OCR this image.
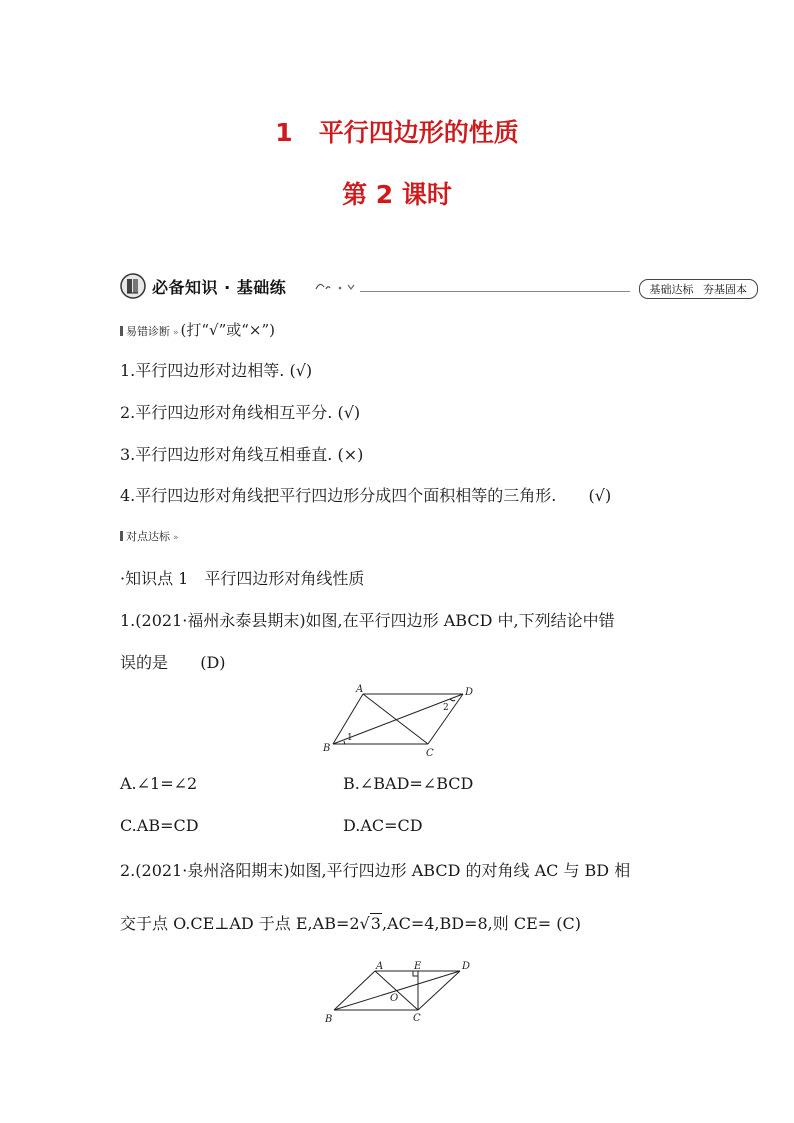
1 平行四边形的性质
第 2 课时
必备知识 · 基础练	基础达标 夯基固本
易错诊断 » (打“√”或“×”)
1.平行四边形对边相等. (√)
2.平行四边形对角线相互平分. (√)
3.平行四边形对角线互相垂直. (×)
4.平行四边形对角线把平行四边形分成四个面积相等的三角形. (√)
对点达标 »
·知识点 1　平行四边形对角线性质
1.(2021·福州永泰县期末)如图,在平行四边形 ABCD 中,下列结论中错
误的是 (D)
A	D
B	C
1
2
A.∠1=∠2	B.∠BAD=∠BCD
C.AB=CD	D.AC=CD
2.(2021·泉州洛阳期末)如图,平行四边形 ABCD 的对角线 AC 与 BD 相
交于点 O.CE⊥AD 于点 E,AB=2√3,AC=4,BD=8,则 CE= (C)
A	E	D
O
B	C
